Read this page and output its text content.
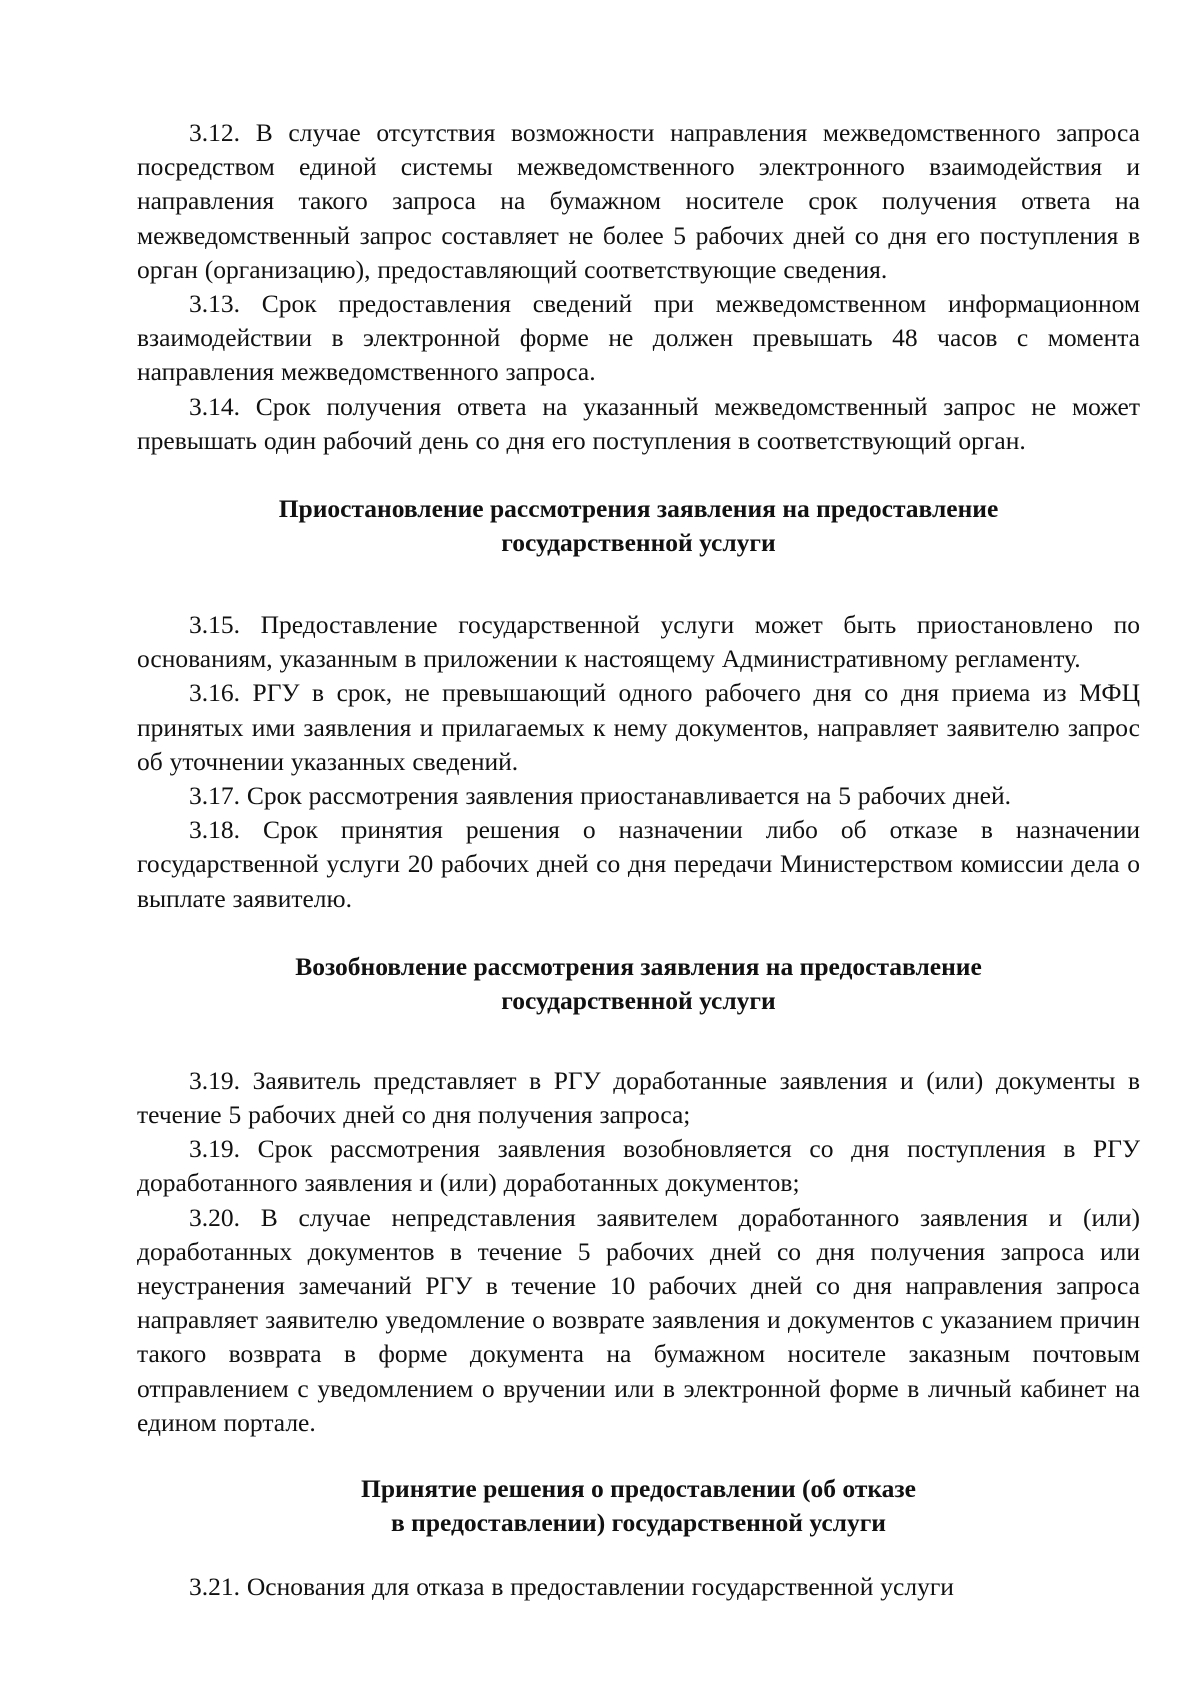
3.12. В случае отсутствия возможности направления межведомственного запроса посредством единой системы межведомственного электронного взаимодействия и направления такого запроса на бумажном носителе срок получения ответа на межведомственный запрос составляет не более 5 рабочих дней со дня его поступления в орган (организацию), предоставляющий соответствующие сведения.

3.13. Срок предоставления сведений при межведомственном информационном взаимодействии в электронной форме не должен превышать 48 часов с момента направления межведомственного запроса.

3.14. Срок получения ответа на указанный межведомственный запрос не может превышать один рабочий день со дня его поступления в соответствующий орган.

Приостановление рассмотрения заявления на предоставление
государственной услуги

3.15. Предоставление государственной услуги может быть приостановлено по основаниям, указанным в приложении к настоящему Административному регламенту.

3.16. РГУ в срок, не превышающий одного рабочего дня со дня приема из МФЦ принятых ими заявления и прилагаемых к нему документов, направляет заявителю запрос об уточнении указанных сведений.

3.17. Срок рассмотрения заявления приостанавливается на 5 рабочих дней.

3.18. Срок принятия решения о назначении либо об отказе в назначении государственной услуги 20 рабочих дней со дня передачи Министерством комиссии дела о выплате заявителю.

Возобновление рассмотрения заявления на предоставление
государственной услуги

3.19. Заявитель представляет в РГУ доработанные заявления и (или) документы в течение 5 рабочих дней со дня получения запроса;

3.19. Срок рассмотрения заявления возобновляется со дня поступления в РГУ доработанного заявления и (или) доработанных документов;

3.20. В случае непредставления заявителем доработанного заявления и (или) доработанных документов в течение 5 рабочих дней со дня получения запроса или неустранения замечаний РГУ в течение 10 рабочих дней со дня направления запроса направляет заявителю уведомление о возврате заявления и документов с указанием причин такого возврата в форме документа на бумажном носителе заказным почтовым отправлением с уведомлением о вручении или в электронной форме в личный кабинет на едином портале.

Принятие решения о предоставлении (об отказе
в предоставлении) государственной услуги

3.21. Основания для отказа в предоставлении государственной услуги
